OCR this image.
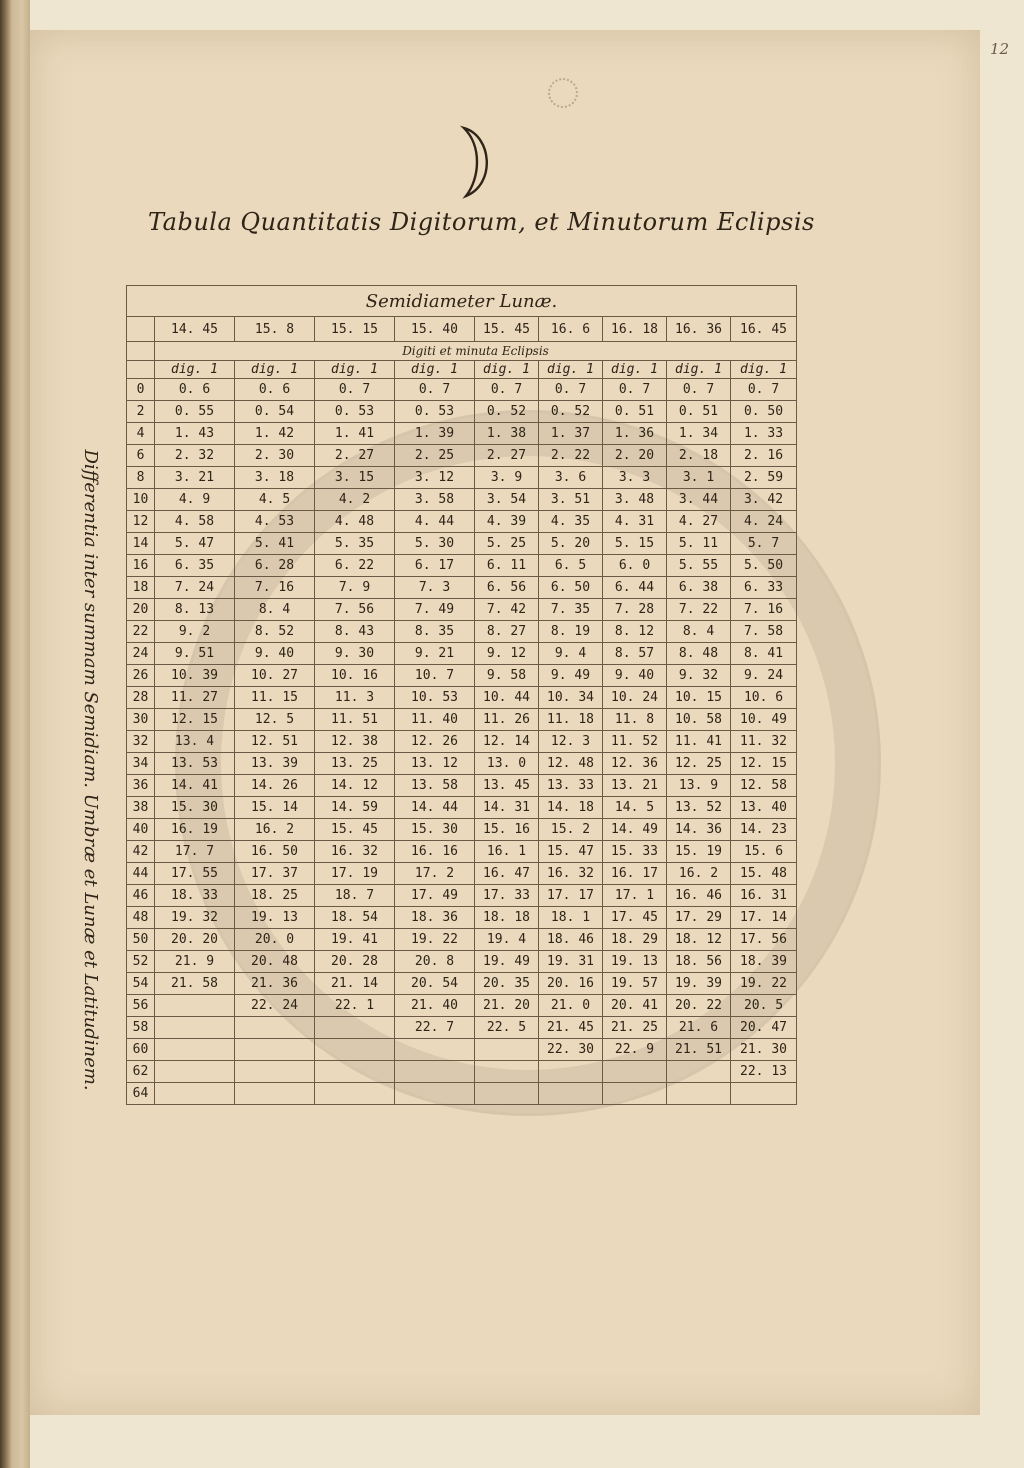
12
Tabula Quantitatis Digitorum, et Minutorum Eclipsis
Differentia inter summam Semidiam. Umbræ et Lunæ et Latitudinem.
Semidiameter Lunæ.									
	14. 45	15. 8	15. 15	15. 40	15. 45	16. 6	16. 18	16. 36	16. 45
	Digiti et minuta Eclipsis								
	dig. 1	dig. 1	dig. 1	dig. 1	dig. 1	dig. 1	dig. 1	dig. 1	dig. 1
0	0. 6	0. 6	0. 7	0. 7	0. 7	0. 7	0. 7	0. 7	0. 7
2	0. 55	0. 54	0. 53	0. 53	0. 52	0. 52	0. 51	0. 51	0. 50
4	1. 43	1. 42	1. 41	1. 39	1. 38	1. 37	1. 36	1. 34	1. 33
6	2. 32	2. 30	2. 27	2. 25	2. 27	2. 22	2. 20	2. 18	2. 16
8	3. 21	3. 18	3. 15	3. 12	3. 9	3. 6	3. 3	3. 1	2. 59
10	4. 9	4. 5	4. 2	3. 58	3. 54	3. 51	3. 48	3. 44	3. 42
12	4. 58	4. 53	4. 48	4. 44	4. 39	4. 35	4. 31	4. 27	4. 24
14	5. 47	5. 41	5. 35	5. 30	5. 25	5. 20	5. 15	5. 11	5. 7
16	6. 35	6. 28	6. 22	6. 17	6. 11	6. 5	6. 0	5. 55	5. 50
18	7. 24	7. 16	7. 9	7. 3	6. 56	6. 50	6. 44	6. 38	6. 33
20	8. 13	8. 4	7. 56	7. 49	7. 42	7. 35	7. 28	7. 22	7. 16
22	9. 2	8. 52	8. 43	8. 35	8. 27	8. 19	8. 12	8. 4	7. 58
24	9. 51	9. 40	9. 30	9. 21	9. 12	9. 4	8. 57	8. 48	8. 41
26	10. 39	10. 27	10. 16	10. 7	9. 58	9. 49	9. 40	9. 32	9. 24
28	11. 27	11. 15	11. 3	10. 53	10. 44	10. 34	10. 24	10. 15	10. 6
30	12. 15	12. 5	11. 51	11. 40	11. 26	11. 18	11. 8	10. 58	10. 49
32	13. 4	12. 51	12. 38	12. 26	12. 14	12. 3	11. 52	11. 41	11. 32
34	13. 53	13. 39	13. 25	13. 12	13. 0	12. 48	12. 36	12. 25	12. 15
36	14. 41	14. 26	14. 12	13. 58	13. 45	13. 33	13. 21	13. 9	12. 58
38	15. 30	15. 14	14. 59	14. 44	14. 31	14. 18	14. 5	13. 52	13. 40
40	16. 19	16. 2	15. 45	15. 30	15. 16	15. 2	14. 49	14. 36	14. 23
42	17. 7	16. 50	16. 32	16. 16	16. 1	15. 47	15. 33	15. 19	15. 6
44	17. 55	17. 37	17. 19	17. 2	16. 47	16. 32	16. 17	16. 2	15. 48
46	18. 33	18. 25	18. 7	17. 49	17. 33	17. 17	17. 1	16. 46	16. 31
48	19. 32	19. 13	18. 54	18. 36	18. 18	18. 1	17. 45	17. 29	17. 14
50	20. 20	20. 0	19. 41	19. 22	19. 4	18. 46	18. 29	18. 12	17. 56
52	21. 9	20. 48	20. 28	20. 8	19. 49	19. 31	19. 13	18. 56	18. 39
54	21. 58	21. 36	21. 14	20. 54	20. 35	20. 16	19. 57	19. 39	19. 22
56		22. 24	22. 1	21. 40	21. 20	21. 0	20. 41	20. 22	20. 5
58				22. 7	22. 5	21. 45	21. 25	21. 6	20. 47
60						22. 30	22. 9	21. 51	21. 30
62									22. 13
64									
